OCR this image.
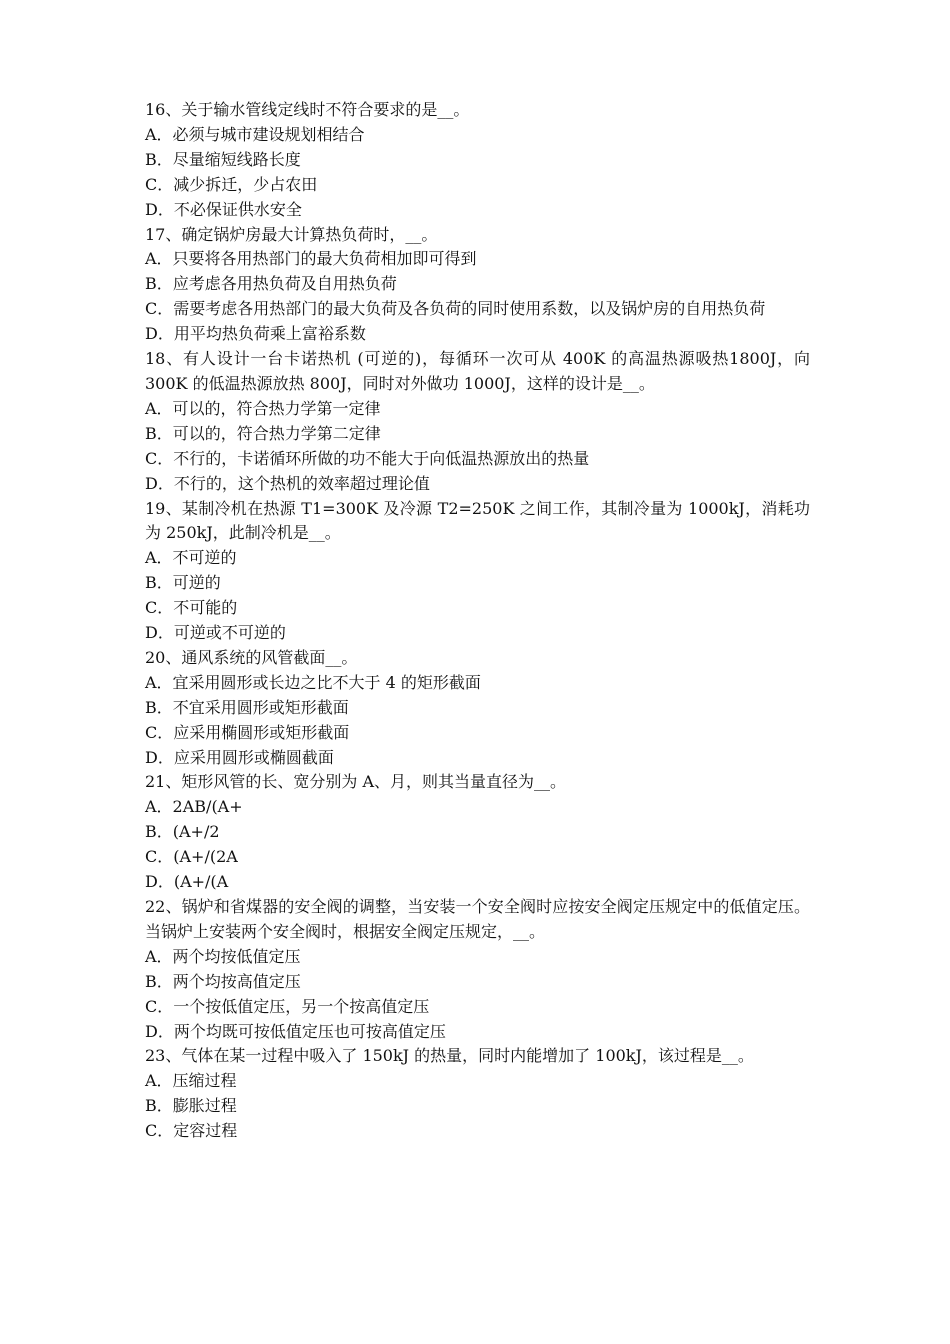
16、关于输水管线定线时不符合要求的是__。
A．必须与城市建设规划相结合
B．尽量缩短线路长度
C．减少拆迁，少占农田
D．不必保证供水安全
17、确定锅炉房最大计算热负荷时，__。
A．只要将各用热部门的最大负荷相加即可得到
B．应考虑各用热负荷及自用热负荷
C．需要考虑各用热部门的最大负荷及各负荷的同时使用系数，以及锅炉房的自用热负荷
D．用平均热负荷乘上富裕系数
18、有人设计一台卡诺热机 (可逆的)，每循环一次可从 400K 的高温热源吸热1800J，向 300K 的低温热源放热 800J，同时对外做功 1000J，这样的设计是__。
A．可以的，符合热力学第一定律
B．可以的，符合热力学第二定律
C．不行的，卡诺循环所做的功不能大于向低温热源放出的热量
D．不行的，这个热机的效率超过理论值
19、某制冷机在热源 T1=300K 及冷源 T2=250K 之间工作，其制冷量为 1000kJ，消耗功为 250kJ，此制冷机是__。
A．不可逆的
B．可逆的
C．不可能的
D．可逆或不可逆的
20、通风系统的风管截面__。
A．宜采用圆形或长边之比不大于 4 的矩形截面
B．不宜采用圆形或矩形截面
C．应采用椭圆形或矩形截面
D．应采用圆形或椭圆截面
21、矩形风管的长、宽分别为 A、月，则其当量直径为__。
A．2AB/(A+
B．(A+/2
C．(A+/(2A
D．(A+/(A
22、锅炉和省煤器的安全阀的调整，当安装一个安全阀时应按安全阀定压规定中的低值定压。当锅炉上安装两个安全阀时，根据安全阀定压规定，__。
A．两个均按低值定压
B．两个均按高值定压
C．一个按低值定压，另一个按高值定压
D．两个均既可按低值定压也可按高值定压
23、气体在某一过程中吸入了 150kJ 的热量，同时内能增加了 100kJ，该过程是__。
A．压缩过程
B．膨胀过程
C．定容过程
